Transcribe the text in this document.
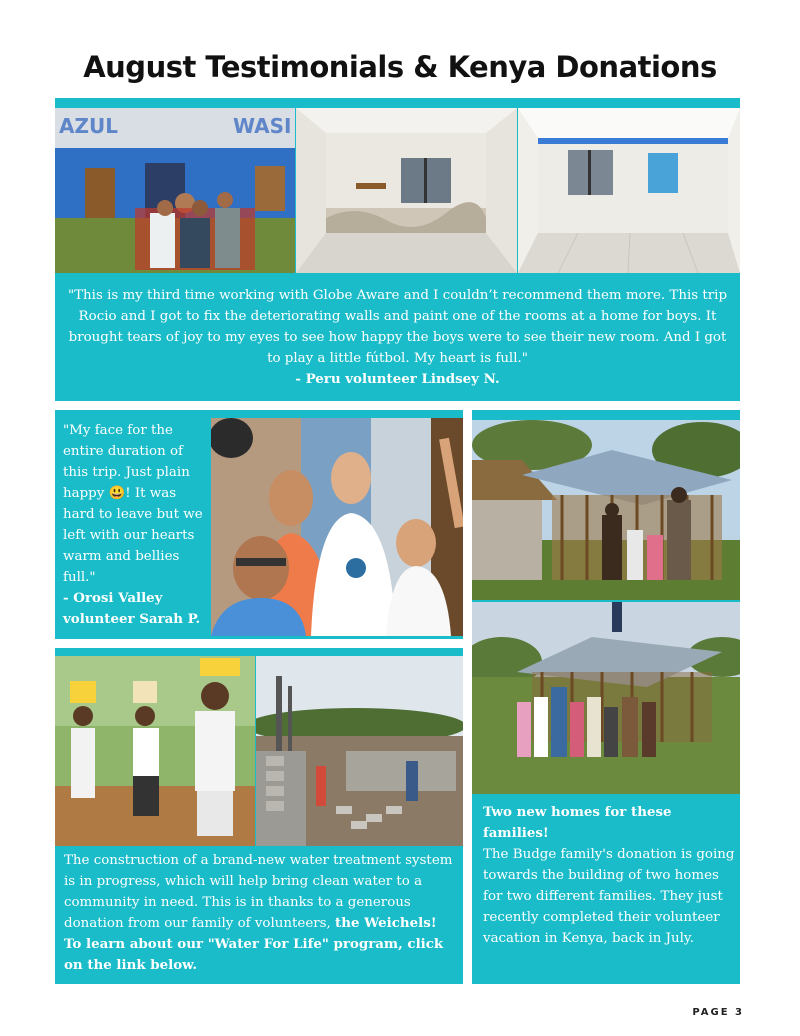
August Testimonials & Kenya Donations
AZUL	WASI
"This is my third time working with Globe Aware and I couldn’t recommend them more. This trip Rocio and I got to fix the deteriorating walls and paint one of the rooms at a home for boys. It brought tears of joy to my eyes to see how happy the boys were to see their new room. And I got to play a little fútbol. My heart is full."
- Peru volunteer Lindsey N.
"My face for the entire duration of this trip. Just plain happy 😃! It was hard to leave but we left with our hearts warm and bellies full."
- Orosi Valley volunteer Sarah P.
The construction of a brand-new water treatment system is in progress, which will help bring clean water to a community in need. This is in thanks to a generous donation from our family of volunteers, the Weichels! To learn about our "Water For Life" program, click on the link below.
Two new homes for these families!
The Budge family's donation is going towards the building of two homes for two different families. They just recently completed their volunteer vacation in Kenya, back in July.
PAGE 3
